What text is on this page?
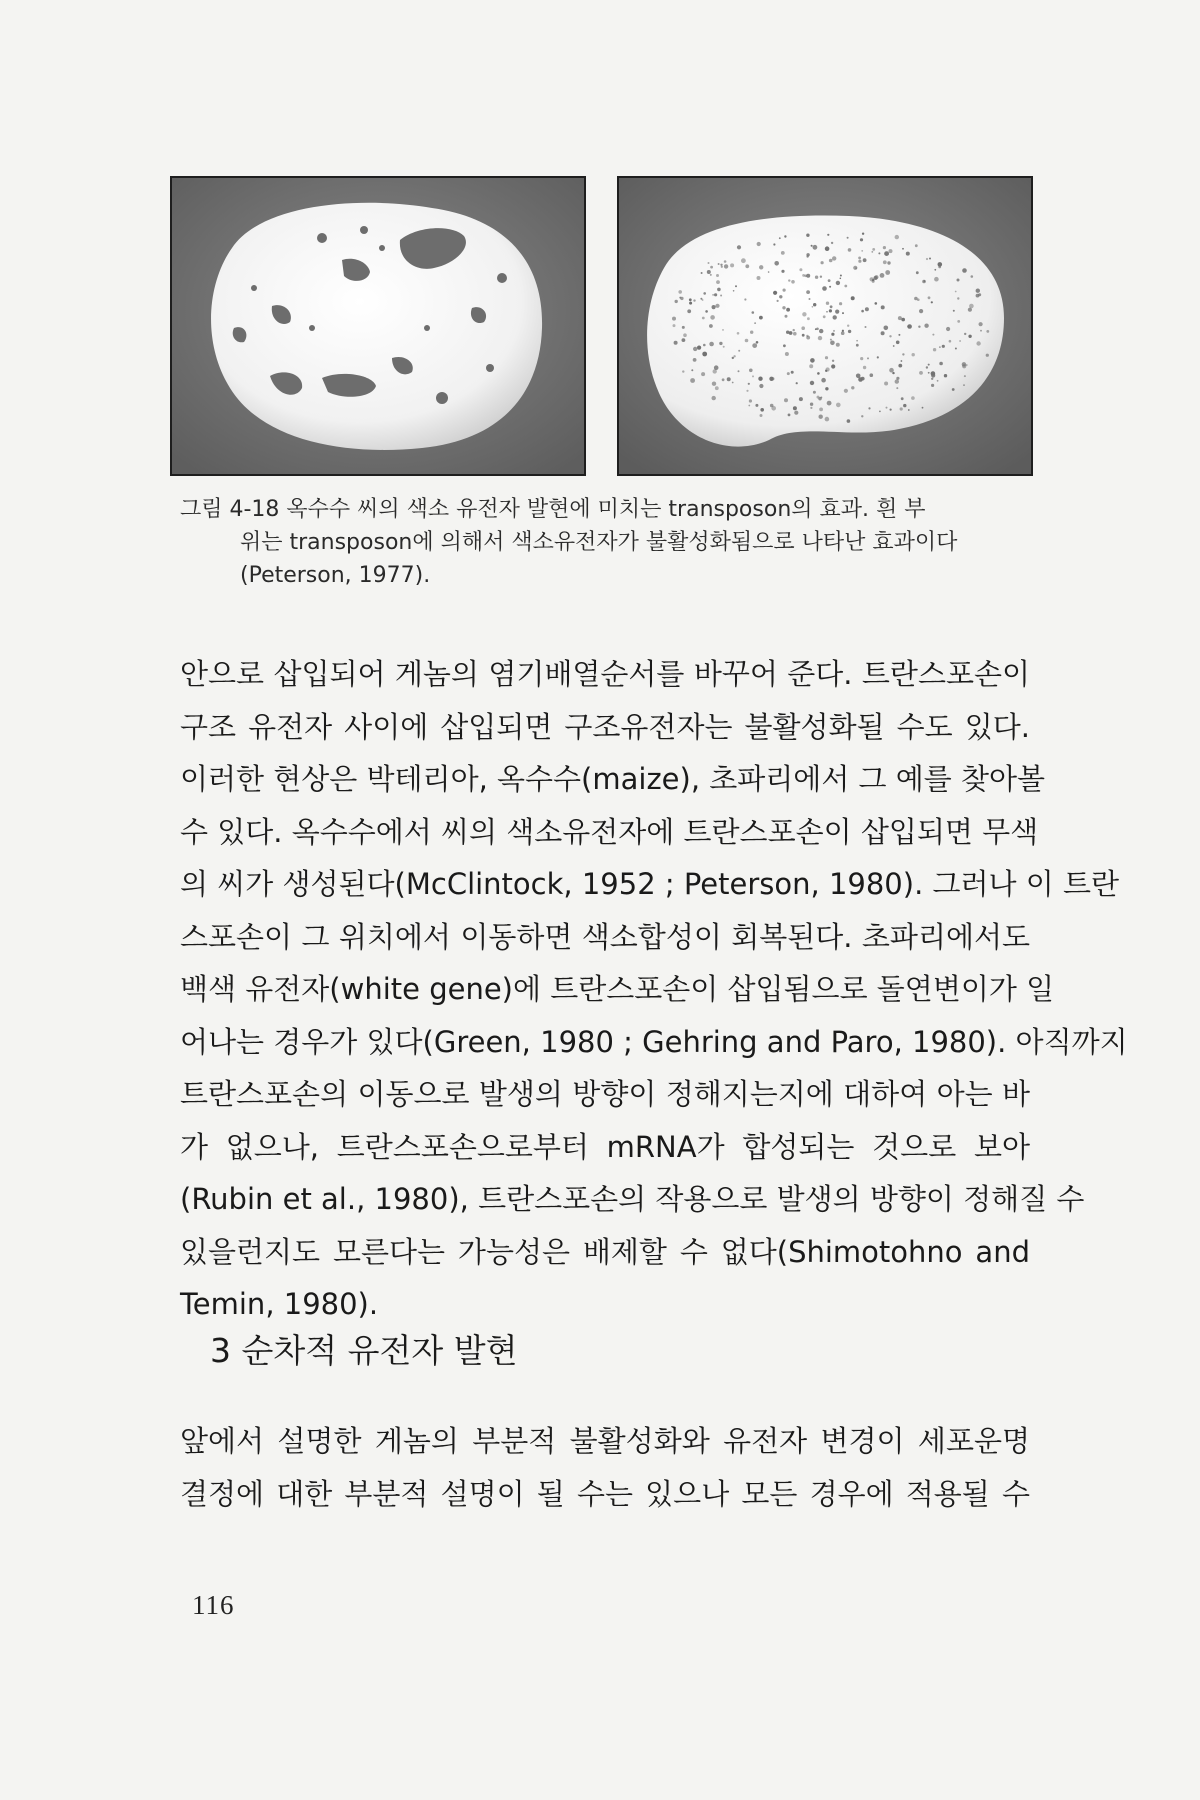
그림 4-18 옥수수 씨의 색소 유전자 발현에 미치는 transposon의 효과. 흰 부
위는 transposon에 의해서 색소유전자가 불활성화됨으로 나타난 효과이다
(Peterson, 1977).
안으로 삽입되어 게놈의 염기배열순서를 바꾸어 준다. 트란스포손이
구조 유전자 사이에 삽입되면 구조유전자는 불활성화될 수도 있다.
이러한 현상은 박테리아, 옥수수(maize), 초파리에서 그 예를 찾아볼
수 있다. 옥수수에서 씨의 색소유전자에 트란스포손이 삽입되면 무색
의 씨가 생성된다(McClintock, 1952 ; Peterson, 1980). 그러나 이 트란
스포손이 그 위치에서 이동하면 색소합성이 회복된다. 초파리에서도
백색 유전자(white gene)에 트란스포손이 삽입됨으로 돌연변이가 일
어나는 경우가 있다(Green, 1980 ; Gehring and Paro, 1980). 아직까지
트란스포손의 이동으로 발생의 방향이 정해지는지에 대하여 아는 바
가 없으나, 트란스포손으로부터 mRNA가 합성되는 것으로 보아
(Rubin et al., 1980), 트란스포손의 작용으로 발생의 방향이 정해질 수
있을런지도 모른다는 가능성은 배제할 수 없다(Shimotohno and
Temin, 1980).
3 순차적 유전자 발현
앞에서 설명한 게놈의 부분적 불활성화와 유전자 변경이 세포운명
결정에 대한 부분적 설명이 될 수는 있으나 모든 경우에 적용될 수
116
